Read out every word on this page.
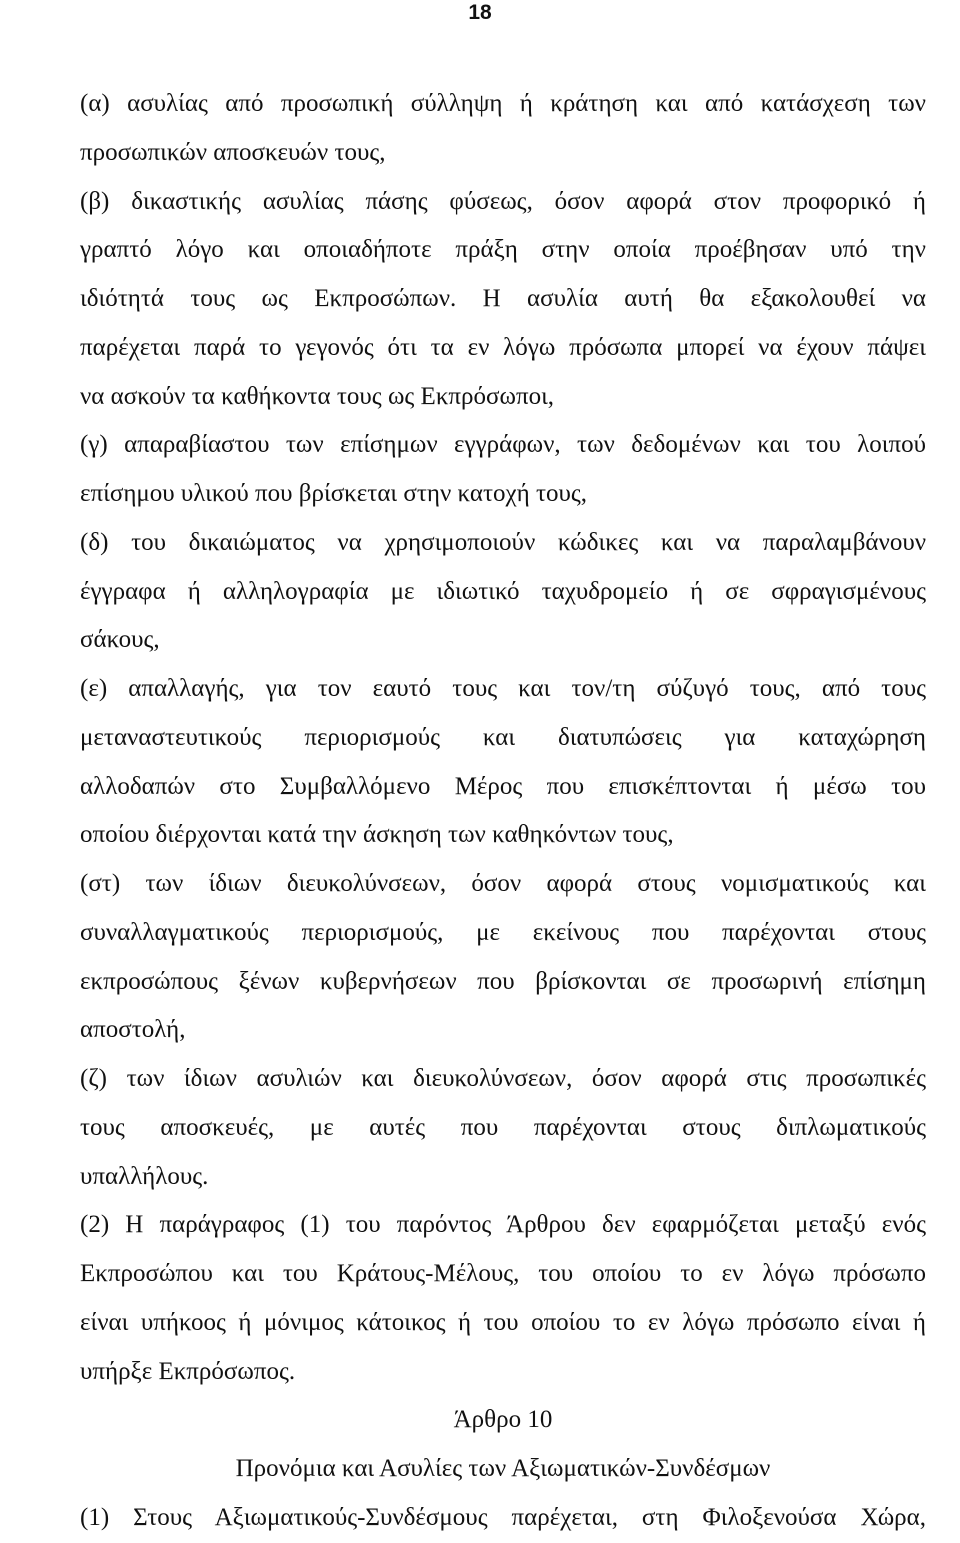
18
(α) ασυλίας από προσωπική σύλληψη ή κράτηση και από κατάσχεση των
προσωπικών αποσκευών τους,
(β) δικαστικής ασυλίας πάσης φύσεως, όσον αφορά στον προφορικό ή
γραπτό λόγο και οποιαδήποτε πράξη στην οποία προέβησαν υπό την
ιδιότητά τους ως Εκπροσώπων. Η ασυλία αυτή θα εξακολουθεί να
παρέχεται παρά το γεγονός ότι τα εν λόγω πρόσωπα μπορεί να έχουν πάψει
να ασκούν τα καθήκοντα τους ως Εκπρόσωποι,
(γ) απαραβίαστου των επίσημων εγγράφων, των δεδομένων και του λοιπού
επίσημου υλικού που βρίσκεται στην κατοχή τους,
(δ) του δικαιώματος να χρησιμοποιούν κώδικες και να παραλαμβάνουν
έγγραφα ή αλληλογραφία με ιδιωτικό ταχυδρομείο ή σε σφραγισμένους
σάκους,
(ε) απαλλαγής, για τον εαυτό τους και τον/τη σύζυγό τους, από τους
μεταναστευτικούς περιορισμούς και διατυπώσεις για καταχώρηση
αλλοδαπών στο Συμβαλλόμενο Μέρος που επισκέπτονται ή μέσω του
οποίου διέρχονται κατά την άσκηση των καθηκόντων τους,
(στ) των ίδιων διευκολύνσεων, όσον αφορά στους νομισματικούς και
συναλλαγματικούς περιορισμούς, με εκείνους που παρέχονται στους
εκπροσώπους ξένων κυβερνήσεων που βρίσκονται σε προσωρινή επίσημη
αποστολή,
(ζ) των ίδιων ασυλιών και διευκολύνσεων, όσον αφορά στις προσωπικές
τους αποσκευές, με αυτές που παρέχονται στους διπλωματικούς
υπαλλήλους.
(2) Η παράγραφος (1) του παρόντος Άρθρου δεν εφαρμόζεται μεταξύ ενός
Εκπροσώπου και του Κράτους-Μέλους, του οποίου το εν λόγω πρόσωπο
είναι υπήκοος ή μόνιμος κάτοικος ή του οποίου το εν λόγω πρόσωπο είναι ή
υπήρξε Εκπρόσωπος.
Άρθρο 10
Προνόμια και Ασυλίες των Αξιωματικών-Συνδέσμων
(1) Στους Αξιωματικούς-Συνδέσμους παρέχεται, στη Φιλοξενούσα Χώρα,
